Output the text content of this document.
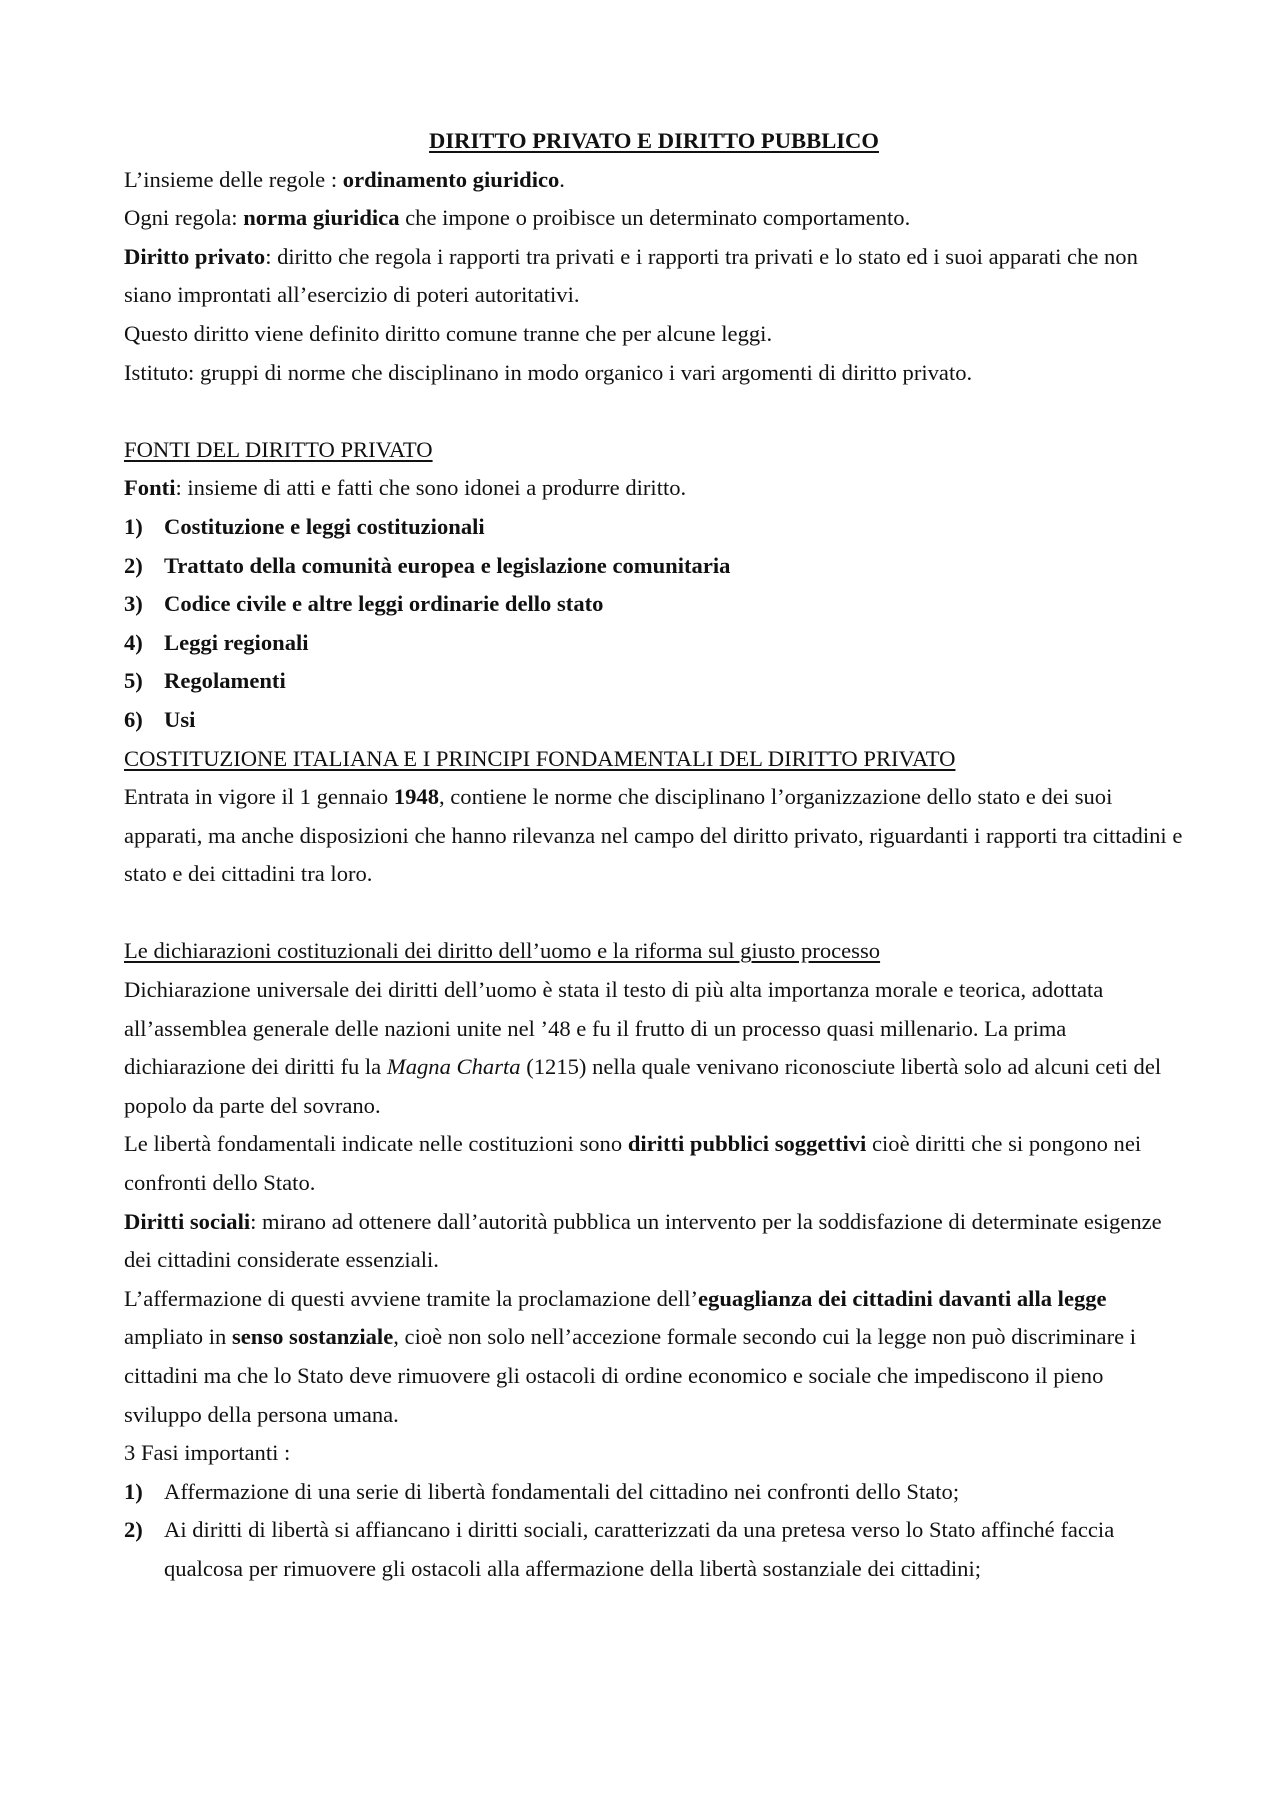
DIRITTO PRIVATO E DIRITTO PUBBLICO

L’insieme delle regole : ordinamento giuridico.

Ogni regola: norma giuridica che impone o proibisce un determinato comportamento.

Diritto privato: diritto che regola i rapporti tra privati e i rapporti tra privati e lo stato ed i suoi apparati che non siano improntati all’esercizio di poteri autoritativi.

Questo diritto viene definito diritto comune tranne che per alcune leggi.

Istituto: gruppi di norme che disciplinano in modo organico i vari argomenti di diritto privato.

FONTI DEL DIRITTO PRIVATO

Fonti: insieme di atti e fatti che sono idonei a produrre diritto.

1) Costituzione e leggi costituzionali
2) Trattato della comunità europea e legislazione comunitaria
3) Codice civile e altre leggi ordinarie dello stato
4) Leggi regionali
5) Regolamenti
6) Usi

COSTITUZIONE ITALIANA E I PRINCIPI FONDAMENTALI DEL DIRITTO PRIVATO

Entrata in vigore il 1 gennaio 1948, contiene le norme che disciplinano l’organizzazione dello stato e dei suoi apparati, ma anche disposizioni che hanno rilevanza nel campo del diritto privato, riguardanti i rapporti tra cittadini e stato e dei cittadini tra loro.

Le dichiarazioni costituzionali dei diritto dell’uomo e la riforma sul giusto processo

Dichiarazione universale dei diritti dell’uomo è stata il testo di più alta importanza morale e teorica, adottata all’assemblea generale delle nazioni unite nel ’48 e fu il frutto di un processo quasi millenario. La prima dichiarazione dei diritti fu la Magna Charta (1215) nella quale venivano riconosciute libertà solo ad alcuni ceti del popolo da parte del sovrano.

Le libertà fondamentali indicate nelle costituzioni sono diritti pubblici soggettivi cioè diritti che si pongono nei confronti dello Stato.

Diritti sociali: mirano ad ottenere dall’autorità pubblica un intervento per la soddisfazione di determinate esigenze dei cittadini considerate essenziali.

L’affermazione di questi avviene tramite la proclamazione dell’eguaglianza dei cittadini davanti alla legge ampliato in senso sostanziale, cioè non solo nell’accezione formale secondo cui la legge non può discriminare i cittadini ma che lo Stato deve rimuovere gli ostacoli di ordine economico e sociale che impediscono il pieno sviluppo della persona umana.

3 Fasi importanti :

1) Affermazione di una serie di libertà fondamentali del cittadino nei confronti dello Stato;
2) Ai diritti di libertà si affiancano i diritti sociali, caratterizzati da una pretesa verso lo Stato affinché faccia qualcosa per rimuovere gli ostacoli alla affermazione della libertà sostanziale dei cittadini;
